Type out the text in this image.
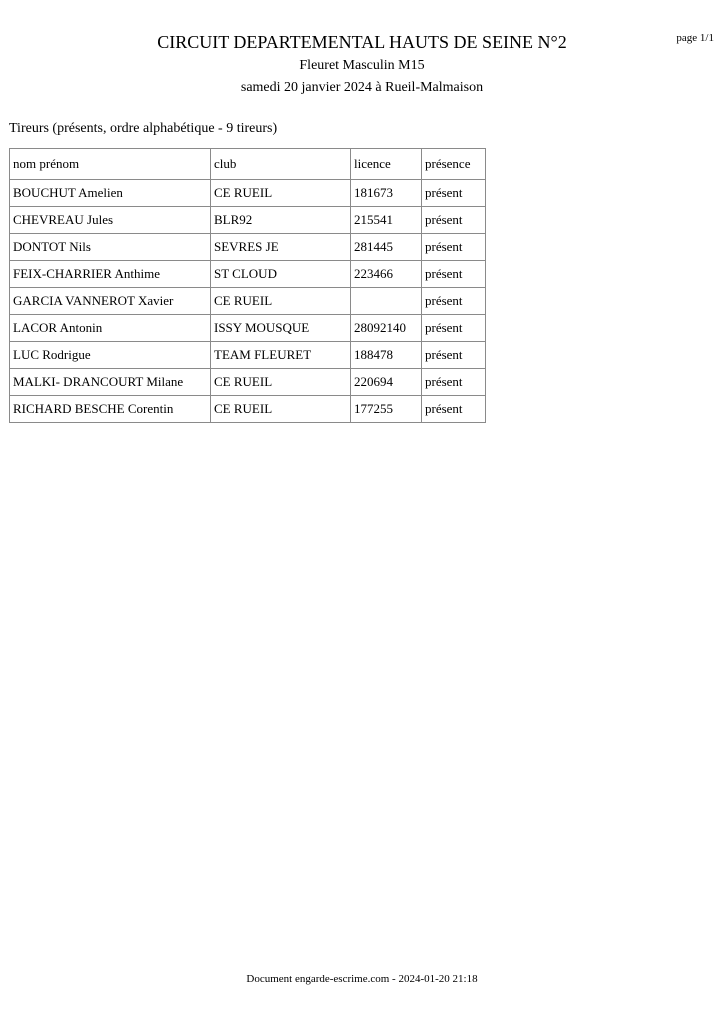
page 1/1
CIRCUIT DEPARTEMENTAL HAUTS DE SEINE N°2
Fleuret Masculin M15
samedi 20 janvier 2024 à Rueil-Malmaison
Tireurs (présents, ordre alphabétique - 9 tireurs)
nom prénom	club	licence	présence
BOUCHUT Amelien	CE RUEIL	181673	présent
CHEVREAU Jules	BLR92	215541	présent
DONTOT Nils	SEVRES JE	281445	présent
FEIX-CHARRIER Anthime	ST CLOUD	223466	présent
GARCIA VANNEROT Xavier	CE RUEIL		présent
LACOR Antonin	ISSY MOUSQUE	28092140	présent
LUC Rodrigue	TEAM FLEURET	188478	présent
MALKI- DRANCOURT Milane	CE RUEIL	220694	présent
RICHARD BESCHE Corentin	CE RUEIL	177255	présent
Document engarde-escrime.com - 2024-01-20 21:18
